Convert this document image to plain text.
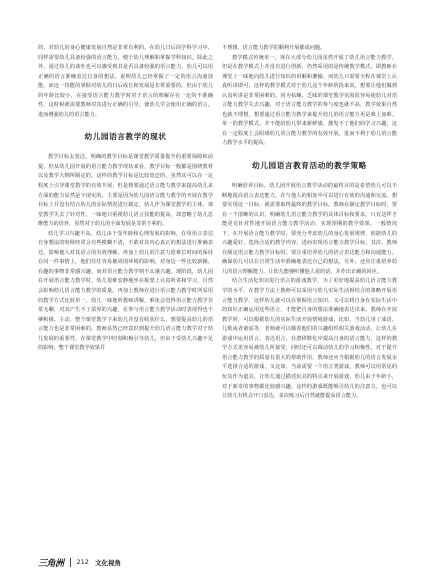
的、对幼儿的身心健康发展自然是非常有利的。在幼儿日后的学科学习中，同样需要幼儿具备较强的语言能力，便于幼儿理解和掌握学科知识。除此之外，通过幼儿的谈吐也可以感受到其是否具备较强的语言能力，幼儿可以用正确的语言准确表达自身的想法，说明幼儿已经掌握了一定的语言沟通技能，而这一技能的掌握对幼儿的日后成长和发展是非常重要的。但由于幼儿的年龄比较小，在接受语言能力教学时对于语言的理解存在一定的不准确性，这时候就需要教师对其进行正确的引导，使幼儿学会使用正确的语言，进而增强幼儿的语言能力。

幼儿园语言教学的现状

教学目标太宽泛。明确的教学目标是课堂教学质量提升的重要保障和前提。但从幼儿园开展的语言能力教学现状来看，教学目标一般都是围绕教材以及教学大纲所制定的，这样的教学目标是比较宽泛的，虽然其可以在一定程度上引导课堂教学的有效开展，但是想要通过语言能力教学来提高幼儿多方面的能力显然是不现实的。主要是因为幼儿园语言能力教学的开展在教学目标上并没有结合幼儿的实际情况进行制定，幼儿作为课堂教学的主体，课堂教学失去了针对性，一味地只重视幼儿语言技能的提高，却忽略了幼儿思维能力的培养，显然对于幼儿的全面发展是非常不利的。

幼儿学习兴趣不高。幼儿由于受年龄和心理发展的影响，在用语言表达自身想法的时候经常会有些模糊不清，不敢对其内心真正的想法进行准确表达，影响他人对其语言的有效理解。再加上幼儿的注意力很难长时间的保持在同一件事情上，他们往往容易被周围环境的影响，对身边一些比较新颖、有趣的事物非常感兴趣，而对语言能力教学则不太感兴趣。现阶段，幼儿园在开展语言能力教学时，幼儿很难安静地坐在板凳上认真听讲和学习，自然会影响幼儿语言能力教学的质量。再加上教师在进行语言能力教学时所采用的教学方式比较单一，幼儿一味地听教师讲解，难免会觉得语言能力教学非常无聊，对其产生不了浓厚的兴趣，在参与语言能力教学活动时表现得也不够积极、主动，整个课堂教学下来幼儿并没有收获什么，想要提高幼儿的语言能力也是非常困难的。教师虽然已经意识到提升幼儿语言能力教学对于幼儿发展的重要性，在课堂教学中时刻积极引导幼儿，但由于受幼儿兴趣不足的影响，整个课堂教学效果并

不理想，语言能力教学的顺利开展都成问题。

教学模式传统单一。现在大部分幼儿园虽然开展了幼儿语言能力教学，但是在教学模式上并没有进行创新，仍然采用的是传统教学模式，即教师在课堂上一味地向幼儿进行知识的讲解和灌输，而幼儿只需要全程在课堂上认真听讲即可，这样的教学模式对于幼儿这个年龄阶段来说，想要让他们做到认真听讲是非常困难的。因为枯燥、乏味的课堂教学氛围很容易使幼儿对语言能力教学失去兴趣，对于语言能力教学的参与度也就不高，教学效果自然也就不理想，想要通过语言能力教学来提升幼儿的语言能力更是难上加难。单一的教学模式，并不能给幼儿带来新鲜感，激发不了他们的学习兴趣，这在一定程度上会阻碍幼儿语言能力教学的有效开展，进而不利于幼儿语言能力教学水平的提高。

幼儿园语言教育活动的教学策略

明确培养目标。幼儿园开展语言教学活动的最终目的是希望幼儿可以不断地提高语言表达能力，在与他人的相处中可以进行有效的沟通和交流。想要实现这一目标，就需要取得最终的教学目标，教师在制定教学目标时，要有一个清晰的认识，明确幼儿语言能力教学的具体目标和要求，只有这样才能更有针对性地开展语言能力教学活动，实现预期的教学效果。一般情况下，在开展语言能力教学时，要充分考虑幼儿的身心发展规律，依据幼儿的兴趣爱好，选择合适的教学内容，进而实现语言能力教学目标，其次，教师在制定语言能力教学目标时，要注重培养幼儿的语言表达能力和沟通能力，确保幼儿可以在日常生活中准确地表达自己的想法，另外，还应注重培养幼儿的语言理解能力，让幼儿能够听懂他人说的话，并作出正确的回应。

结合生活化知识进行语言的游戏教学，为了更好地提高幼儿语言能力教学的水平，在教学方法上教师可以采用与幼儿实际生活相结合的策略开展语言能力教学。这样幼儿就可以在掌握语言知识，又可以将自身在实际生活中的知识正确运用这些语言，才能把自身的想法准确地表达出来。教师在开展教学时，可以根据幼儿的实际生活开展情境游戏，比如，当幼儿用了成语、儿歌或者童谣等，老师就可以顺着他们的兴趣组织相关游戏活动，让幼儿在游戏中运用语言、表达语言，在潜移默化中提高自身的语言能力，这样的教学方式更容易被幼儿所接受，同时还可以调动幼儿的学习积极性，对于提升语言能力教学的质量有很大的帮助作用，教师还应当根据幼儿的语言发展水平选择合适的游戏，又比如，当前需要一个语言类游戏，教师可以用常见的玩具作为道具，让幼儿通过描述玩具的特点来开展游戏，幼儿由于年龄小，对于新奇的事物都比较感兴趣，这样的游戏既能吸引幼儿的注意力，也可以让幼儿有机会开口表达，多次练习后自然就能提高语言能力。

三角洲 212 文化视角
